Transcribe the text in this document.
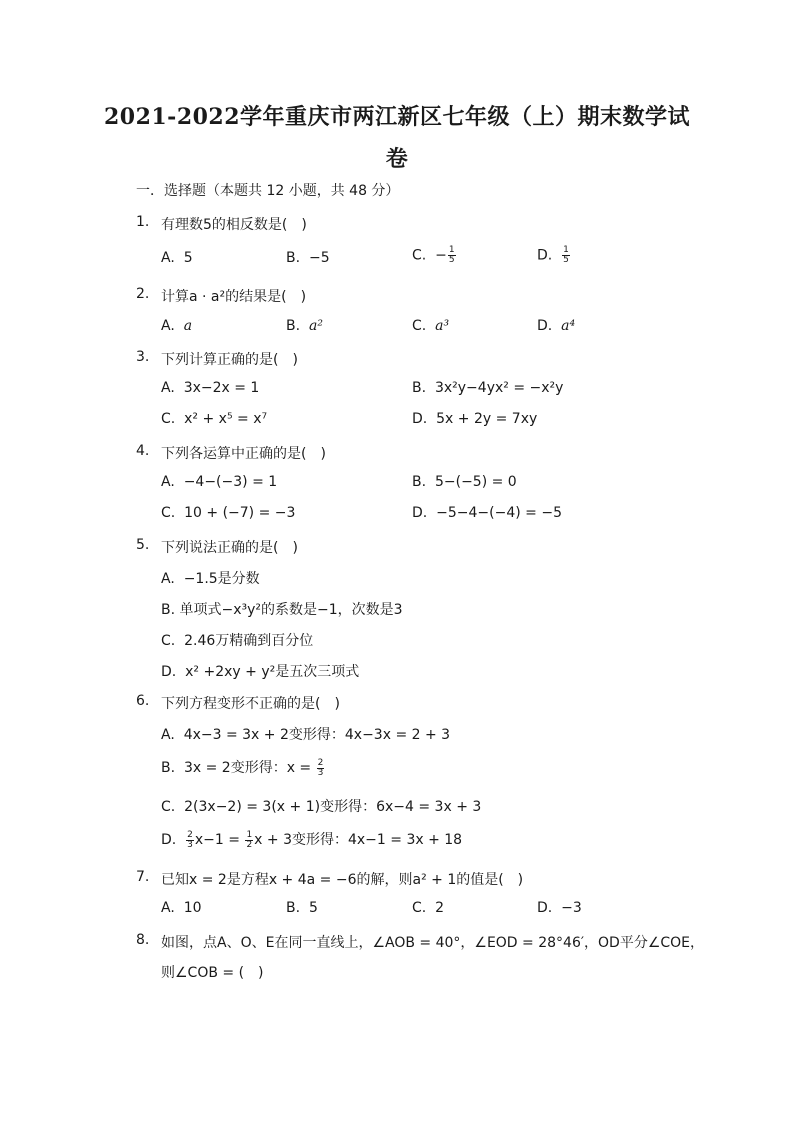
2021-2022学年重庆市两江新区七年级（上）期末数学试
卷
一．选择题（本题共 12 小题，共 48 分）
1. 有理数5的相反数是(　)
A. 5	B. −5	C. − $\frac{1}{5}$	D. $\frac{1}{5}$
2. 计算a · a²的结果是(　)
A. a	B. a²	C. a³	D. a⁴
3. 下列计算正确的是(　)
A. 3x−2x = 1	B. 3x²y−4yx² = −x²y
C. x² + x⁵ = x⁷	D. 5x + 2y = 7xy
4. 下列各运算中正确的是(　)
A. −4−(−3) = 1	B. 5−(−5) = 0
C. 10 + (−7) = −3	D. −5−4−(−4) = −5
5. 下列说法正确的是(　)
A. −1.5是分数
B. 单项式−x³y²的系数是−1，次数是3
C. 2.46万精确到百分位
D. x² +2xy + y²是五次三项式
6. 下列方程变形不正确的是(　)
A. 4x−3 = 3x + 2变形得：4x−3x = 2 + 3
B. 3x = 2变形得：$x = \frac{2}{3}$
C. 2(3x−2) = 3(x + 1)变形得：6x−4 = 3x + 3
D. $\frac{2}{3} x-1 = \frac{1}{2}$ x + 3变形得：4x−1 = 3x + 18
7. 已知x = 2是方程x + 4a = −6的解，则a² + 1的值是(　)
A. 10	B. 5	C. 2	D. −3
8. 如图，点A、O、E在同一直线上，∠AOB = 40°，∠EOD = 28°46′，OD平分∠COE，
则∠COB = (　)
